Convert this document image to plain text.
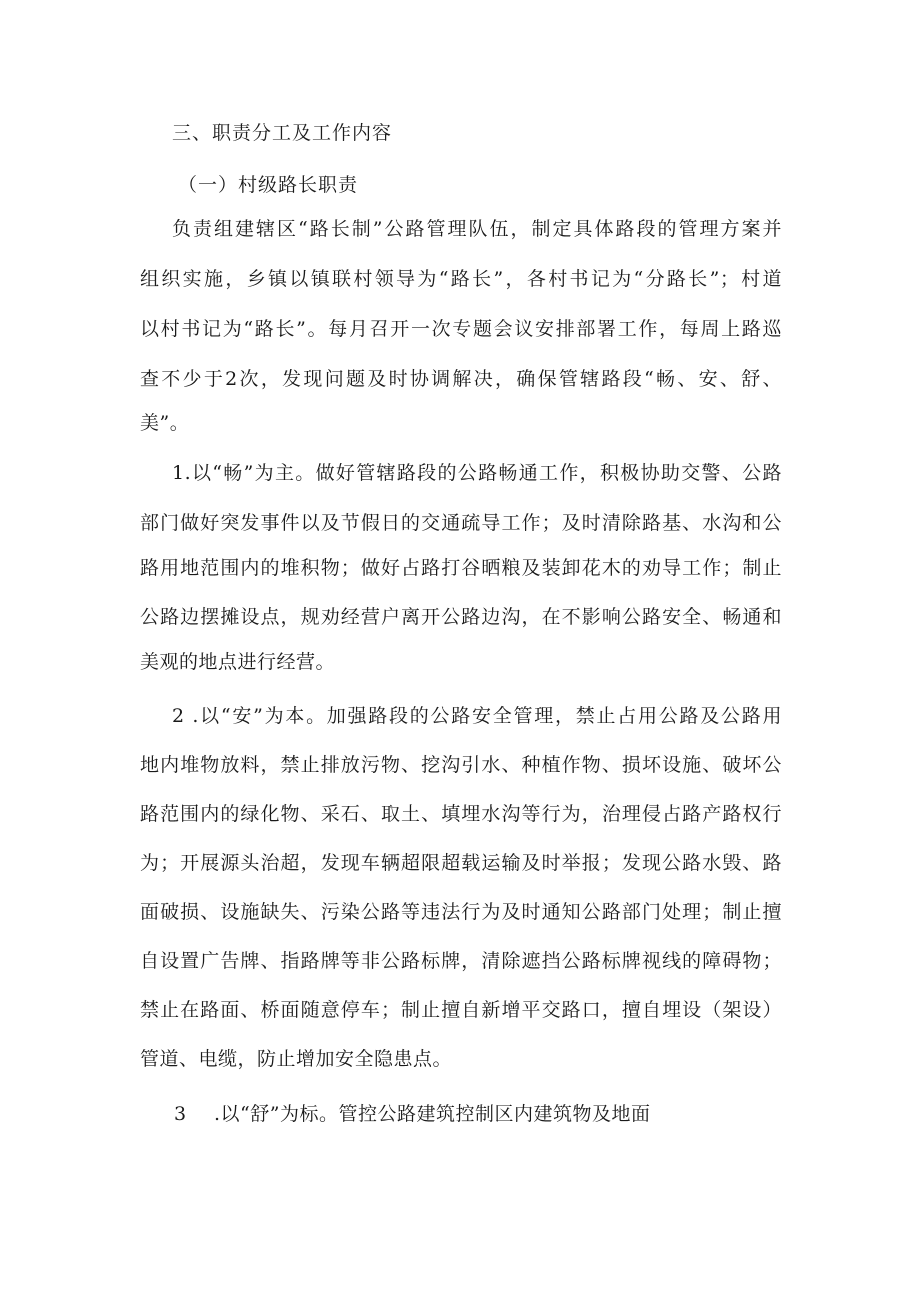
三、职责分工及工作内容
（一）村级路长职责
负责组建辖区“路长制”公路管理队伍，制定具体路段的管理方案并
组织实施，乡镇以镇联村领导为“路长”，各村书记为“分路长”；村道
以村书记为“路长”。每月召开一次专题会议安排部署工作，每周上路巡
查不少于2次，发现问题及时协调解决，确保管辖路段“畅、安、舒、
美”。
1.以“畅”为主。做好管辖路段的公路畅通工作，积极协助交警、公路
部门做好突发事件以及节假日的交通疏导工作；及时清除路基、水沟和公
路用地范围内的堆积物；做好占路打谷晒粮及装卸花木的劝导工作；制止
公路边摆摊设点，规劝经营户离开公路边沟，在不影响公路安全、畅通和
美观的地点进行经营。
2 .以“安”为本。加强路段的公路安全管理，禁止占用公路及公路用
地内堆物放料，禁止排放污物、挖沟引水、种植作物、损坏设施、破坏公
路范围内的绿化物、采石、取土、填埋水沟等行为，治理侵占路产路权行
为；开展源头治超，发现车辆超限超载运输及时举报；发现公路水毁、路
面破损、设施缺失、污染公路等违法行为及时通知公路部门处理；制止擅
自设置广告牌、指路牌等非公路标牌，清除遮挡公路标牌视线的障碍物；
禁止在路面、桥面随意停车；制止擅自新增平交路口，擅自埋设（架设）
管道、电缆，防止增加安全隐患点。
3 .以“舒”为标。管控公路建筑控制区内建筑物及地面
